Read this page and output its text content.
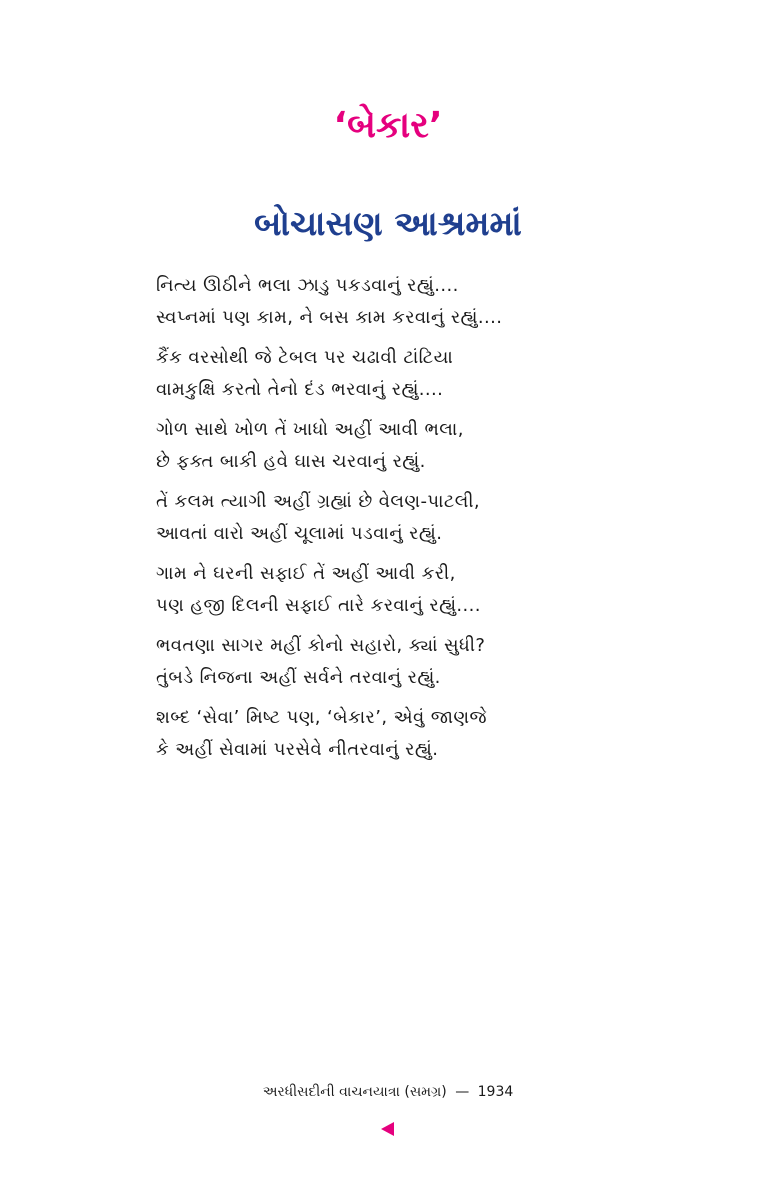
‘બેકાર’
બોચાસણ આશ્રમમાં
નિત્ય ઊઠીને ભલા ઝાડુ પકડવાનું રહ્યું....
સ્વપ્નમાં પણ કામ, ને બસ કામ કરવાનું રહ્યું....
કૈંક વરસોથી જે ટેબલ પર ચઢાવી ટાંટિયા
વામકુક્ષિ કરતો તેનો દંડ ભરવાનું રહ્યું....
ગોળ સાથે ખોળ તેં ખાધો અહીં આવી ભલા,
છે ફક્ત બાકી હવે ઘાસ ચરવાનું રહ્યું.
તેં કલમ ત્યાગી અહીં ગ્રહ્યાં છે વેલણ-પાટલી,
આવતાં વારો અહીં ચૂલામાં પડવાનું રહ્યું.
ગામ ને ઘરની સફાઈ તેં અહીં આવી કરી,
પણ હજી દિલની સફાઈ તારે કરવાનું રહ્યું....
ભવતણા સાગર મહીં કોનો સહારો, ક્યાં સુધી?
તુંબડે નિજના અહીં સર્વને તરવાનું રહ્યું.
શબ્દ ‘સેવા’ મિષ્ટ પણ, ‘બેકાર’, એવું જાણજે
કે અહીં સેવામાં પરસેવે નીતરવાનું રહ્યું.
અરધીસદીની વાચનયાત્રા (સમગ્ર) — 1934
